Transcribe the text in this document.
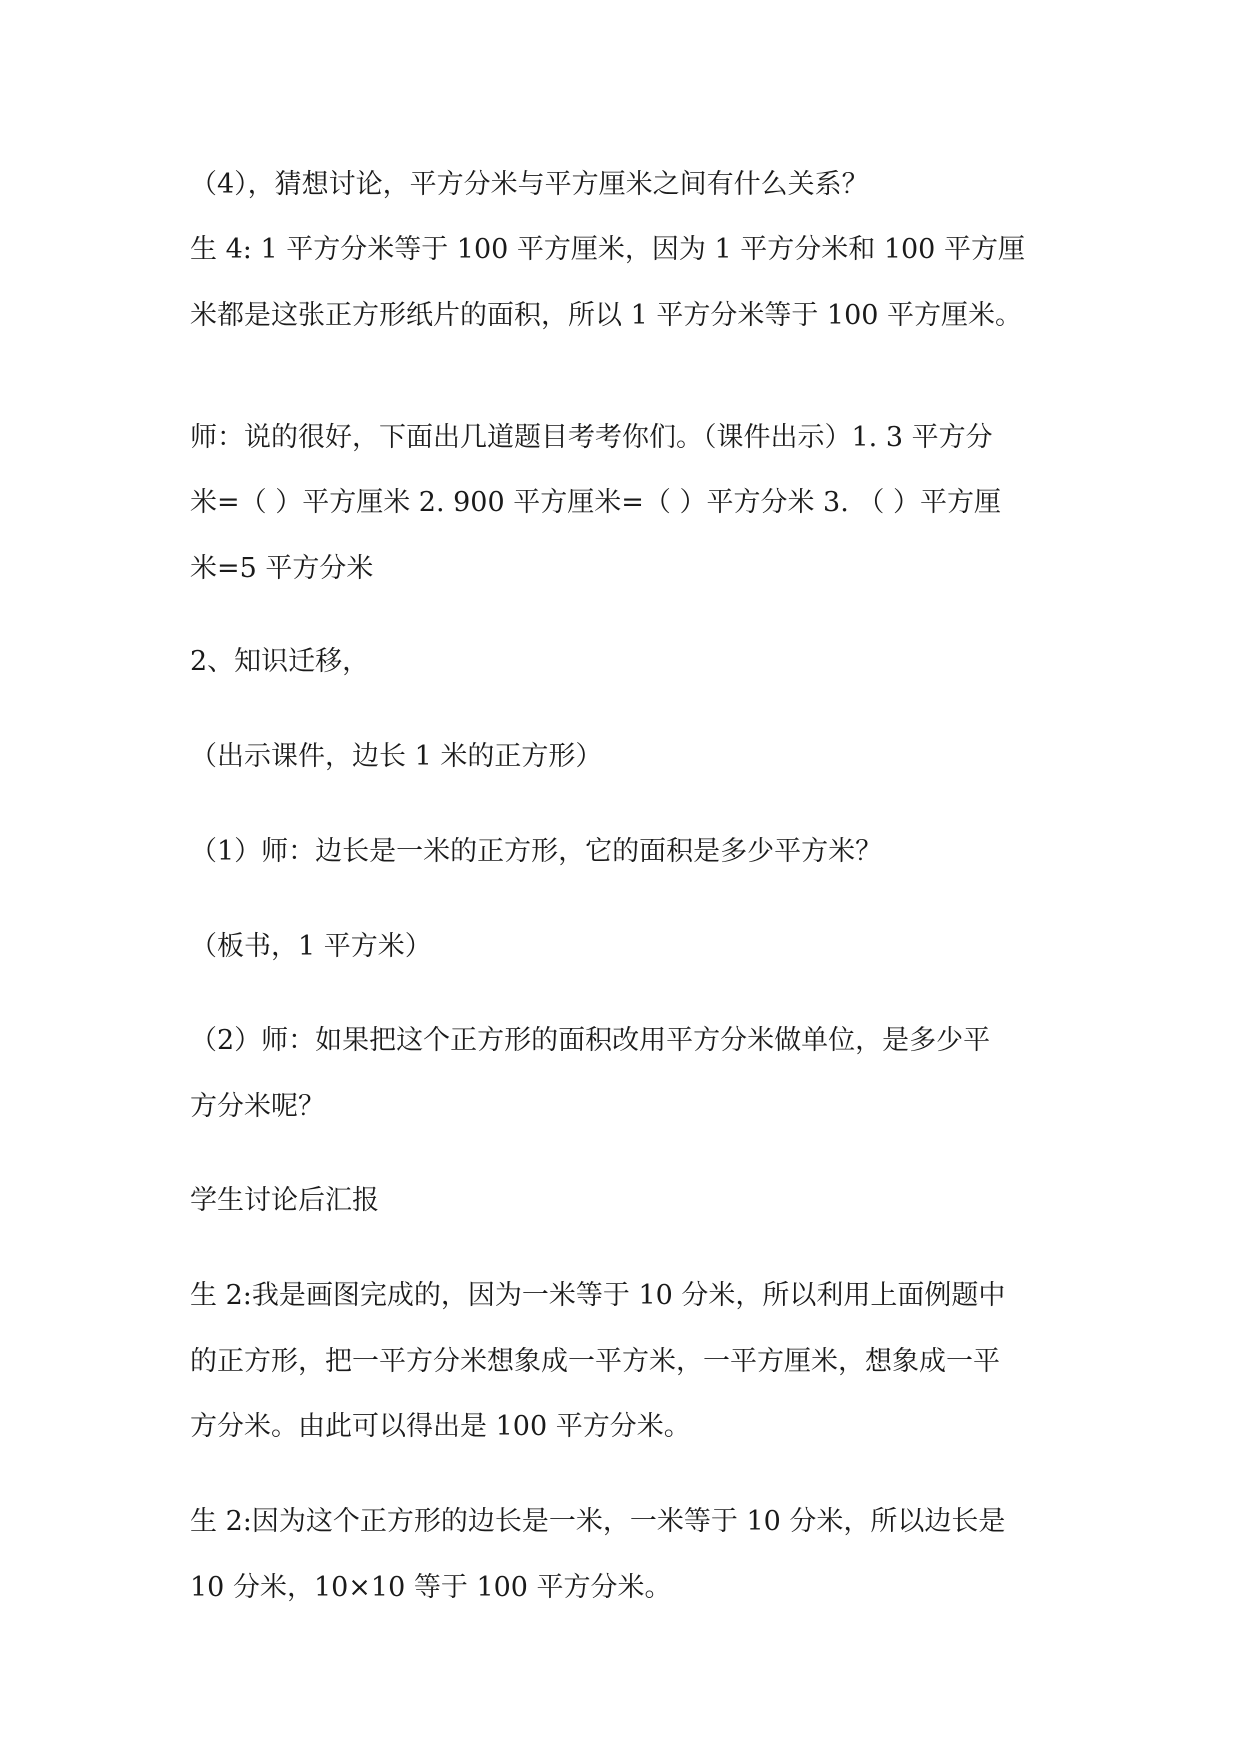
（4），猜想讨论，平方分米与平方厘米之间有什么关系？
生 4: 1 平方分米等于 100 平方厘米，因为 1 平方分米和 100 平方厘
米都是这张正方形纸片的面积，所以 1 平方分米等于 100 平方厘米。
师：说的很好，下面出几道题目考考你们。（课件出示）1. 3 平方分
米=（ ）平方厘米 2. 900 平方厘米=（ ）平方分米 3. （ ）平方厘
米=5 平方分米
2、知识迁移，
（出示课件，边长 1 米的正方形）
（1）师：边长是一米的正方形，它的面积是多少平方米？
（板书，1 平方米）
（2）师：如果把这个正方形的面积改用平方分米做单位，是多少平
方分米呢？
学生讨论后汇报
生 2:我是画图完成的，因为一米等于 10 分米，所以利用上面例题中
的正方形，把一平方分米想象成一平方米，一平方厘米，想象成一平
方分米。由此可以得出是 100 平方分米。
生 2:因为这个正方形的边长是一米，一米等于 10 分米，所以边长是
10 分米，10×10 等于 100 平方分米。
